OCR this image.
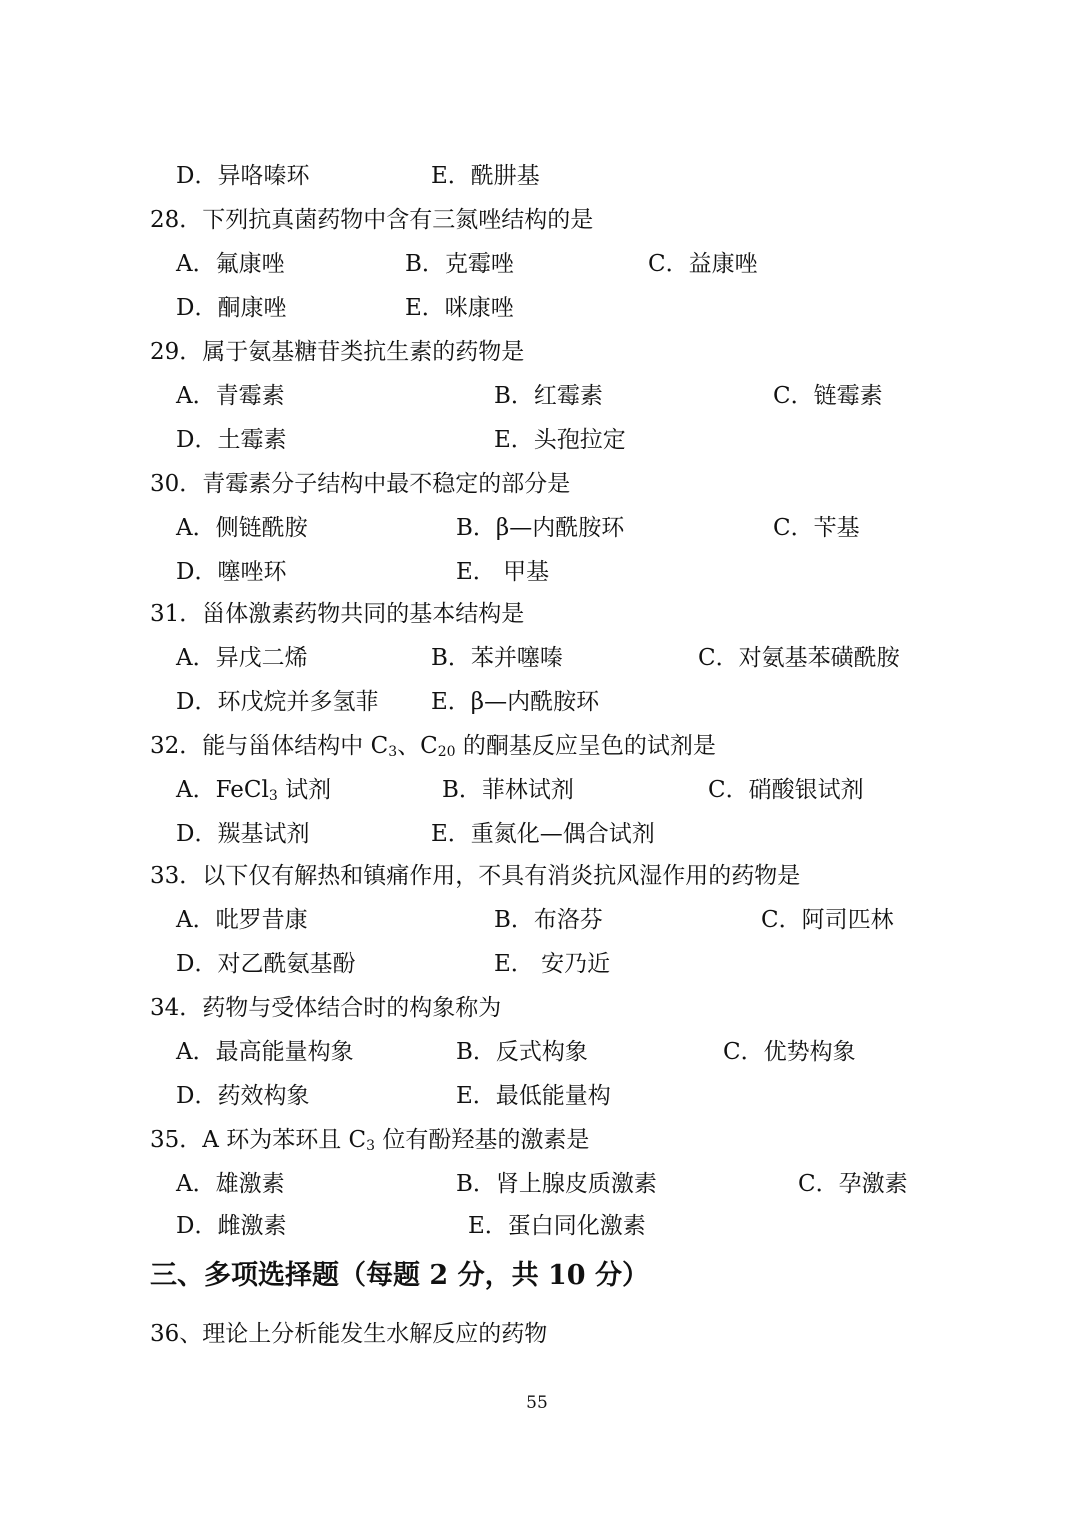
D．异咯嗪环	E．酰肼基
28．下列抗真菌药物中含有三氮唑结构的是
A．氟康唑	B．克霉唑	C．益康唑
D．酮康唑	E．咪康唑
29．属于氨基糖苷类抗生素的药物是
A．青霉素	B．红霉素	C．链霉素
D．土霉素	E．头孢拉定
30．青霉素分子结构中最不稳定的部分是
A．侧链酰胺	B．β—内酰胺环	C．苄基
D．噻唑环	E． 甲基
31．甾体激素药物共同的基本结构是
A．异戊二烯	B．苯并噻嗪	C．对氨基苯磺酰胺
D．环戊烷并多氢菲 E．β—内酰胺环
32．能与甾体结构中 $C_3$、$C_{20}$ 的酮基反应呈色的试剂是
A．FeCl$_3$ 试剂	B．菲林试剂	C．硝酸银试剂
D．羰基试剂	E．重氮化—偶合试剂
33．以下仅有解热和镇痛作用，不具有消炎抗风湿作用的药物是
A．吡罗昔康	B．布洛芬	C．阿司匹林
D．对乙酰氨基酚	E． 安乃近
34．药物与受体结合时的构象称为
A．最高能量构象	B．反式构象	C．优势构象
D．药效构象	E．最低能量构
35．A 环为苯环且 $C_3$ 位有酚羟基的激素是
A．雄激素	B．肾上腺皮质激素	C．孕激素
D．雌激素	E．蛋白同化激素
三、多项选择题（每题 2 分，共 10 分）
36、理论上分析能发生水解反应的药物
55
